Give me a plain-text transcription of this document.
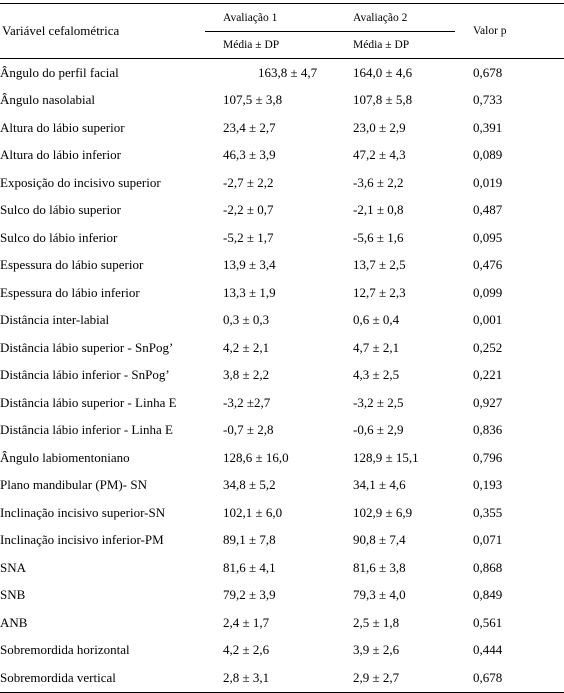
Variável cefalométrica	Avaliação 1	Avaliação 2	Valor p
	Média ± DP	Média ± DP	
Ângulo do perfil facial	163,8 ± 4,7	164,0 ± 4,6	0,678
Ângulo nasolabial	107,5 ± 3,8	107,8 ± 5,8	0,733
Altura do lábio superior	23,4 ± 2,7	23,0 ± 2,9	0,391
Altura do lábio inferior	46,3 ± 3,9	47,2 ± 4,3	0,089
Exposição do incisivo superior	-2,7 ± 2,2	-3,6 ± 2,2	0,019
Sulco do lábio superior	-2,2 ± 0,7	-2,1 ± 0,8	0,487
Sulco do lábio inferior	-5,2 ± 1,7	-5,6 ± 1,6	0,095
Espessura do lábio superior	13,9 ± 3,4	13,7 ± 2,5	0,476
Espessura do lábio inferior	13,3 ± 1,9	12,7 ± 2,3	0,099
Distância inter-labial	0,3 ± 0,3	0,6 ± 0,4	0,001
Distância lábio superior - SnPog’	4,2 ± 2,1	4,7 ± 2,1	0,252
Distância lábio inferior - SnPog’	3,8 ± 2,2	4,3 ± 2,5	0,221
Distância lábio superior - Linha E	-3,2 ±2,7	-3,2 ± 2,5	0,927
Distância lábio inferior - Linha E	-0,7 ± 2,8	-0,6 ± 2,9	0,836
Ângulo labiomentoniano	128,6 ± 16,0	128,9 ± 15,1	0,796
Plano mandibular (PM)- SN	34,8 ± 5,2	34,1 ± 4,6	0,193
Inclinação incisivo superior-SN	102,1 ± 6,0	102,9 ± 6,9	0,355
Inclinação incisivo inferior-PM	89,1 ± 7,8	90,8 ± 7,4	0,071
SNA	81,6 ± 4,1	81,6 ± 3,8	0,868
SNB	79,2 ± 3,9	79,3 ± 4,0	0,849
ANB	2,4 ± 1,7	2,5 ± 1,8	0,561
Sobremordida horizontal	4,2 ± 2,6	3,9 ± 2,6	0,444
Sobremordida vertical	2,8 ± 3,1	2,9 ± 2,7	0,678
